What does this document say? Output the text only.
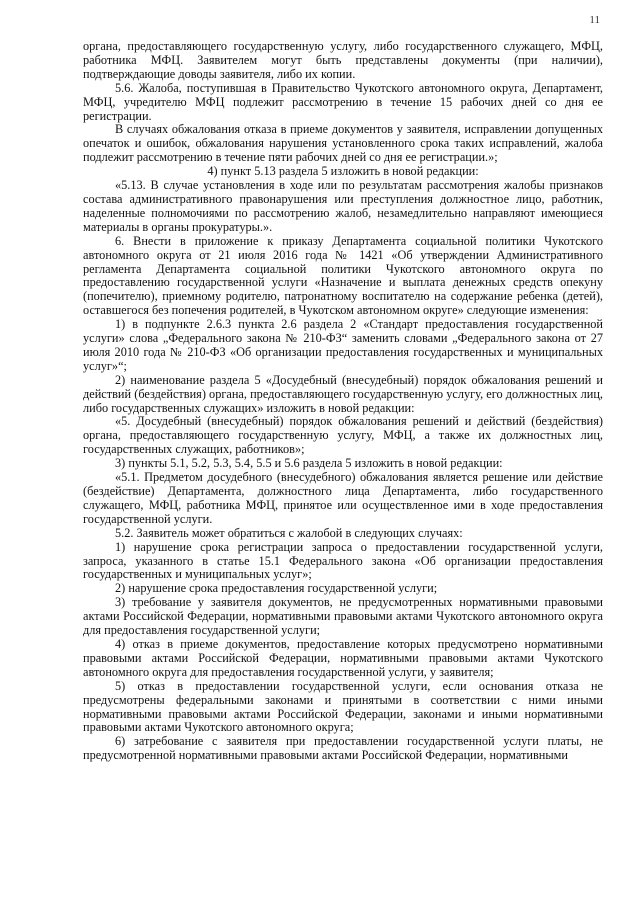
11

органа, предоставляющего государственную услугу, либо государственного служащего, МФЦ, работника МФЦ. Заявителем могут быть представлены документы (при наличии), подтверждающие доводы заявителя, либо их копии.

5.6. Жалоба, поступившая в Правительство Чукотского автономного округа, Департамент, МФЦ, учредителю МФЦ подлежит рассмотрению в течение 15 рабочих дней со дня ее регистрации.

В случаях обжалования отказа в приеме документов у заявителя, исправлении допущенных опечаток и ошибок, обжалования нарушения установленного срока таких исправлений, жалоба подлежит рассмотрению в течение пяти рабочих дней со дня ее регистрации.»;

4) пункт 5.13 раздела 5 изложить в новой редакции:

«5.13. В случае установления в ходе или по результатам рассмотрения жалобы признаков состава административного правонарушения или преступления должностное лицо, работник, наделенные полномочиями по рассмотрению жалоб, незамедлительно направляют имеющиеся материалы в органы прокуратуры.».

6. Внести в приложение к приказу Департамента социальной политики Чукотского автономного округа от 21 июля 2016 года № 1421 «Об утверждении Административного регламента Департамента социальной политики Чукотского автономного округа по предоставлению государственной услуги «Назначение и выплата денежных средств опекуну (попечителю), приемному родителю, патронатному воспитателю на содержание ребенка (детей), оставшегося без попечения родителей, в Чукотском автономном округе» следующие изменения:

1) в подпункте 2.6.3 пункта 2.6 раздела 2 «Стандарт предоставления государственной услуги» слова „Федерального закона № 210-ФЗ“ заменить словами „Федерального закона от 27 июля 2010 года № 210-ФЗ «Об организации предоставления государственных и муниципальных услуг»“;

2) наименование раздела 5 «Досудебный (внесудебный) порядок обжалования решений и действий (бездействия) органа, предоставляющего государственную услугу, его должностных лиц, либо государственных служащих» изложить в новой редакции:

«5. Досудебный (внесудебный) порядок обжалования решений и действий (бездействия) органа, предоставляющего государственную услугу, МФЦ, а также их должностных лиц, государственных служащих, работников»;

3) пункты 5.1, 5.2, 5.3, 5.4, 5.5 и 5.6 раздела 5 изложить в новой редакции:

«5.1. Предметом досудебного (внесудебного) обжалования является решение или действие (бездействие) Департамента, должностного лица Департамента, либо государственного служащего, МФЦ, работника МФЦ, принятое или осуществленное ими в ходе предоставления государственной услуги.

5.2. Заявитель может обратиться с жалобой в следующих случаях:

1) нарушение срока регистрации запроса о предоставлении государственной услуги, запроса, указанного в статье 15.1 Федерального закона «Об организации предоставления государственных и муниципальных услуг»;

2) нарушение срока предоставления государственной услуги;

3) требование у заявителя документов, не предусмотренных нормативными правовыми актами Российской Федерации, нормативными правовыми актами Чукотского автономного округа для предоставления государственной услуги;

4) отказ в приеме документов, предоставление которых предусмотрено нормативными правовыми актами Российской Федерации, нормативными правовыми актами Чукотского автономного округа для предоставления государственной услуги, у заявителя;

5) отказ в предоставлении государственной услуги, если основания отказа не предусмотрены федеральными законами и принятыми в соответствии с ними иными нормативными правовыми актами Российской Федерации, законами и иными нормативными правовыми актами Чукотского автономного округа;

6) затребование с заявителя при предоставлении государственной услуги платы, не предусмотренной нормативными правовыми актами Российской Федерации, нормативными
